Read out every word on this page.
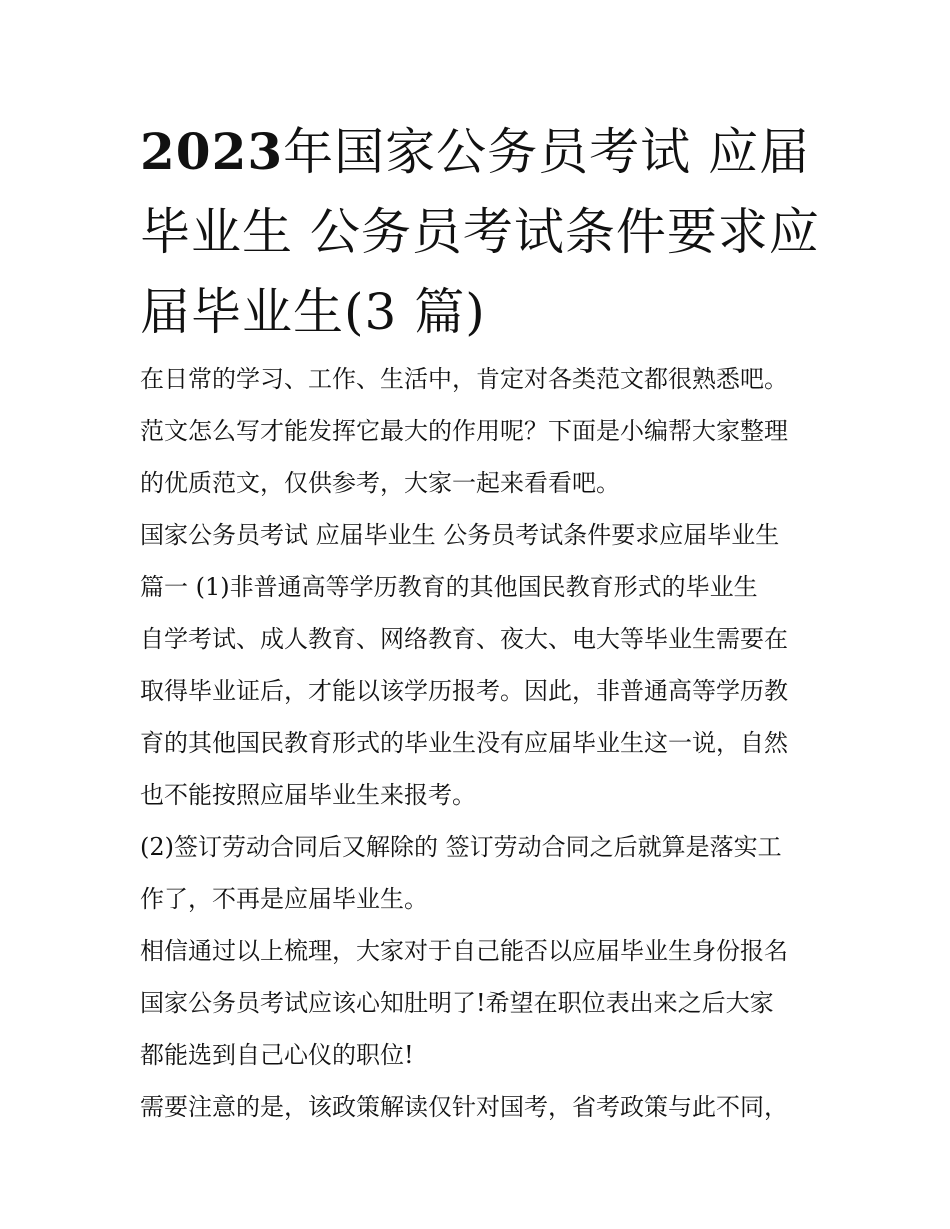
2023年国家公务员考试 应届
毕业生 公务员考试条件要求应
届毕业生(3 篇)
在日常的学习、工作、生活中，肯定对各类范文都很熟悉吧。
范文怎么写才能发挥它最大的作用呢？下面是小编帮大家整理
的优质范文，仅供参考，大家一起来看看吧。
国家公务员考试 应届毕业生 公务员考试条件要求应届毕业生
篇一 (1)非普通高等学历教育的其他国民教育形式的毕业生
自学考试、成人教育、网络教育、夜大、电大等毕业生需要在
取得毕业证后，才能以该学历报考。因此，非普通高等学历教
育的其他国民教育形式的毕业生没有应届毕业生这一说，自然
也不能按照应届毕业生来报考。
(2)签订劳动合同后又解除的 签订劳动合同之后就算是落实工
作了，不再是应届毕业生。
相信通过以上梳理，大家对于自己能否以应届毕业生身份报名
国家公务员考试应该心知肚明了!希望在职位表出来之后大家
都能选到自己心仪的职位!
需要注意的是，该政策解读仅针对国考，省考政策与此不同，
